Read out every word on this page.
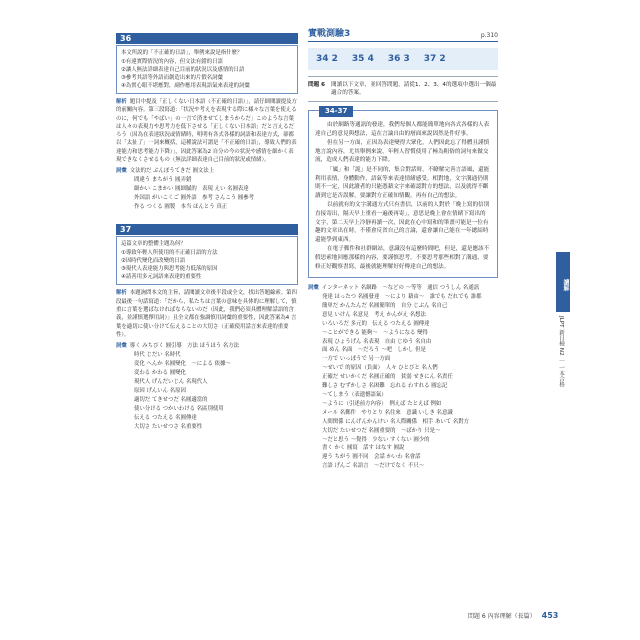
36
本文所說的「不正確的日語」，舉例來說是指什麼？
①有違實際情況的內容，但文法有錯的日語
②讓人無法詳細表達自己目前的狀況以及感情的日語
③參考其語等外語而創造出來的片假名詞彙
④為實心眼不堪應對，副作應用表現語氣來表達的詞彙
解析 題目中提及「正しくない日本語（不正確的日語）」，請仔細閱讀提及方的前關內容。第三段寫道：「状況や考えを表現する際に様々な言葉を使えるのに，何でも「やばい」の一言で済ませてしまうからだ」このような言葉は人々の表現力や思考力を低下させる「正しくない日本語」だと言えるだろう（因為在表達狀況或情緒時，明明有各式各樣的詞語和表達方式，卻都以「太扯了」一詞來概括，這種說法可謂是「不正確的日語」，導致人們的表達能力和思考能力下降）」，因此答案為2 自分の今の状況や感情を細かく表現できなくさせるもの（無法詳細表達自己目前的狀況或情緒）。
詞彙 文法的だ ぶんぽうてきだ 圓文法上
間違う まちがう 圓弄錯
細かい こまかい 圓細膩的　表現 えい 名圓表達
外国語 がいこくご 圓外語　参考 さんこう 圓參考
作る つくる 圓製　本当 ほんとう 真正
37
這篇文章的整體主題為何？
①導致年輕人所使用的不正確日語的方法
②因時代變化而改變的日語
③現代人表達能力與思考能力低落的原因
④請善用多元詞語來表達的重要性
解析 本題詢問本文的主旨，請閱讀文章後半段或全文，找出答題線索。第四段最後一句話寫道：「だから，私たちは言葉の意味を具体的に理解して，慎重に言葉を選ばなければならないのだ（因此，我們必須具體理解話語的含義，並謹慎選擇用詞）」且全文都在強調慎用詞彙的重要性，因此答案為4 言葉を適切に使い分けて伝えることの大切さ（正確使用話言來表達的重要性）。
詞彙 導く みちびく 圓引導　方法 ほうほう 名方法
時代 じだい 名時代
変化 へんか 名圓變化　〜による 依據〜
変わる かわる 圓變化
現代人 げんだいじん 名現代人
原因 げんいん 名原因
適切だ てきせつだ 名圓適當的
使い分ける つかいわける 名區別使用
伝える つたえる 名圓傳達
大切さ たいせつさ 名重要性
實戰測驗3	p.310
34 2 35 4 36 3 37 2
問題 6 閱讀以下文章，並回答問題。請從1、2、3、4的選項中選出一個最適合的答案。
34-37

由於網路等通訊的發達，我們每個人都能簡單地向各式各樣的人表達自己的意見與想法，這在言論自由的層面來說固然是件好事。

但在另一方面，正因為表達變得大眾化，人們因此忘了得體且謹慎地言說內容，尤其舉例來說，年輕人習慣使用了極為粗俗的詞句來做交流，造成人們表達的能力下降。

「厲」和「詭」是不同的，集合對話時，不瞭解完善言語風，還能利用表情、身體動作，語氣等來表達情緒感受。相對地，文字溝通仍則則不一定，因此讀者的只能憑藉文字來確認對方的想法，以及就得不斷讀到它是否誤解，要讓對方正確知情觀，再有自己的想法。

以前就有的文字溝通方式只有書信，以前的人對於「晚上寫的信別直接寄出，隔天早上重看一遍後再寄」，意思是晚上會在情緒下寫出的文字，第二天早上冷靜再讀一次，因此在心中寫和的筆畫可能是一位有趣的文章出在時，不僅會反省自己的言論，還會讓自己能在一年總結時還能學到東西。

在電子郵件和社群網站，意識沒有這麼時間吧，但是，還是應該不假思索地回應那樣的內容，要謹慎思考，不要思考那些相對了溝通，要修正好觀察書寫，最後就能理解好好傳達自己的想法。

詞彙 インターネット 名網路　〜などの 〜等等　通信 つうしん 名通訊
発達 はったつ 名圓發達　〜により 藉由〜　誰でも だれでも 誰都
簡単だ かんたんだ 名圓簡單的　自分 じぶん 名自己
意見 いけん 名意見　考え かんがえ 名想法
いろいろだ 多元的　伝える つたえる 圓傳達
〜ことができる 能夠〜　〜ようになる 變得
表現 ひょうげん 名表現　自由 じゆう 名自由
面 めん 名面　〜だろう 〜吧　しかし 但是
一方で いっぽうで 另一方面
〜せいで 的原因（負面）　人々 ひとびと 名人們
正確だ せいかくだ 名圓正確的　貧弱 せきにん 名責任
難しさ むずかしさ 名困難　忘れる わすれる 圓忘記
〜てしまう（表遺憾語氣）
〜ように（引述前方內容）　例えば たとえば 例如
メール 名郵件　やりとり 名往來　意識 いしき 名意識
人間関係 にんげんかんけい 名人際關係　相手 あいて 名對方
大切だ たいせつだ 名圓重要的　〜ばかり 只是〜
〜だと思う 〜覺得　少ない すくない 圓少的
書く かく 圓寫　話す はなす 圓說
違う ちがう 圓不同　会話 かいわ 名會話
言語 げんご 名語言　〜だけでなく 不只〜
讀解
JLPT 新日檢 N2 ｜ 一本合格
問題 6 內容理解（長篇） 453
